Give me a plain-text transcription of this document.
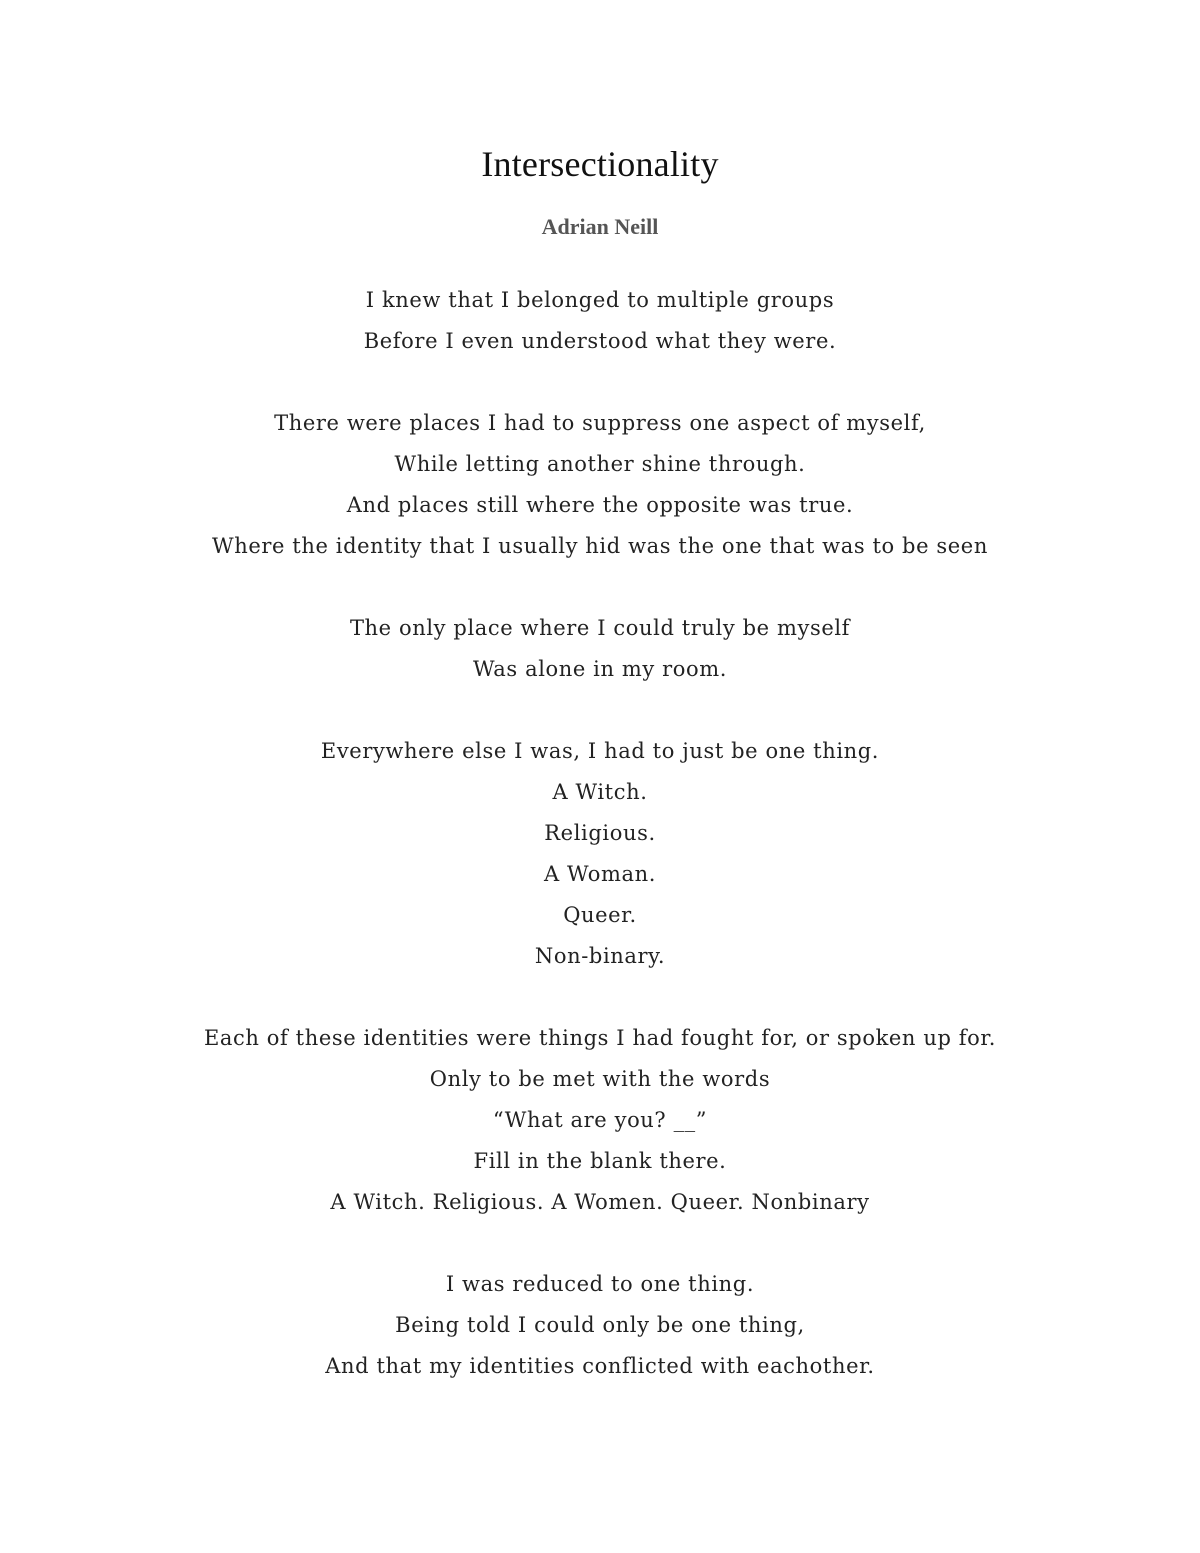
Intersectionality
Adrian Neill
I knew that I belonged to multiple groups
Before I even understood what they were.
There were places I had to suppress one aspect of myself,
While letting another shine through.
And places still where the opposite was true.
Where the identity that I usually hid was the one that was to be seen
The only place where I could truly be myself
Was alone in my room.
Everywhere else I was, I had to just be one thing.
A Witch.
Religious.
A Woman.
Queer.
Non-binary.
Each of these identities were things I had fought for, or spoken up for.
Only to be met with the words
“What are you? __”
Fill in the blank there.
A Witch. Religious. A Women. Queer. Nonbinary
I was reduced to one thing.
Being told I could only be one thing,
And that my identities conflicted with eachother.
